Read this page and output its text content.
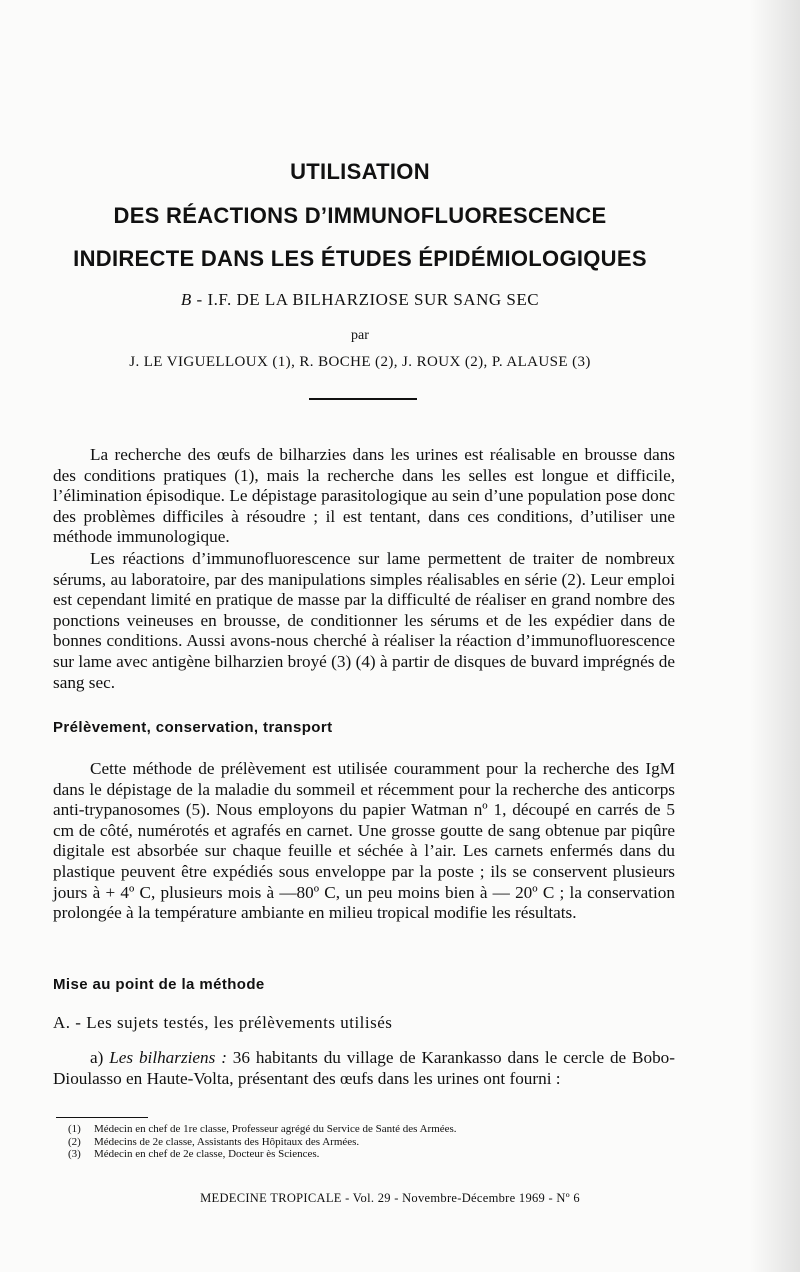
UTILISATION
DES RÉACTIONS D’IMMUNOFLUORESCENCE
INDIRECTE DANS LES ÉTUDES ÉPIDÉMIOLOGIQUES
B - I.F. DE LA BILHARZIOSE SUR SANG SEC
par
J. LE VIGUELLOUX (1), R. BOCHE (2), J. ROUX (2), P. ALAUSE (3)

La recherche des œufs de bilharzies dans les urines est réalisable en brousse dans des conditions pratiques (1), mais la recherche dans les selles est longue et difficile, l’élimination épisodique. Le dépistage parasitologique au sein d’une population pose donc des problèmes difficiles à résoudre ; il est tentant, dans ces conditions, d’utiliser une méthode immunologique.

Les réactions d’immunofluorescence sur lame permettent de traiter de nombreux sérums, au laboratoire, par des manipulations simples réalisables en série (2). Leur emploi est cependant limité en pratique de masse par la difficulté de réaliser en grand nombre des ponctions veineuses en brousse, de conditionner les sérums et de les expédier dans de bonnes conditions. Aussi avons-nous cherché à réaliser la réaction d’immunofluorescence sur lame avec antigène bilharzien broyé (3) (4) à partir de disques de buvard imprégnés de sang sec.

Prélèvement, conservation, transport

Cette méthode de prélèvement est utilisée couramment pour la recherche des IgM dans le dépistage de la maladie du sommeil et récemment pour la recherche des anticorps anti-trypanosomes (5). Nous employons du papier Watman nº 1, découpé en carrés de 5 cm de côté, numérotés et agrafés en carnet. Une grosse goutte de sang obtenue par piqûre digitale est absorbée sur chaque feuille et séchée à l’air. Les carnets enfermés dans du plastique peuvent être expédiés sous enveloppe par la poste ; ils se conservent plusieurs jours à + 4º C, plusieurs mois à —80º C, un peu moins bien à — 20º C ; la conservation prolongée à la température ambiante en milieu tropical modifie les résultats.

Mise au point de la méthode
A. - Les sujets testés, les prélèvements utilisés

a) Les bilharziens : 36 habitants du village de Karankasso dans le cercle de Bobo-Dioulasso en Haute-Volta, présentant des œufs dans les urines ont fourni :

(1) Médecin en chef de 1re classe, Professeur agrégé du Service de Santé des Armées.
(2) Médecins de 2e classe, Assistants des Hôpitaux des Armées.
(3) Médecin en chef de 2e classe, Docteur ès Sciences.
MEDECINE TROPICALE - Vol. 29 - Novembre-Décembre 1969 - Nº 6
